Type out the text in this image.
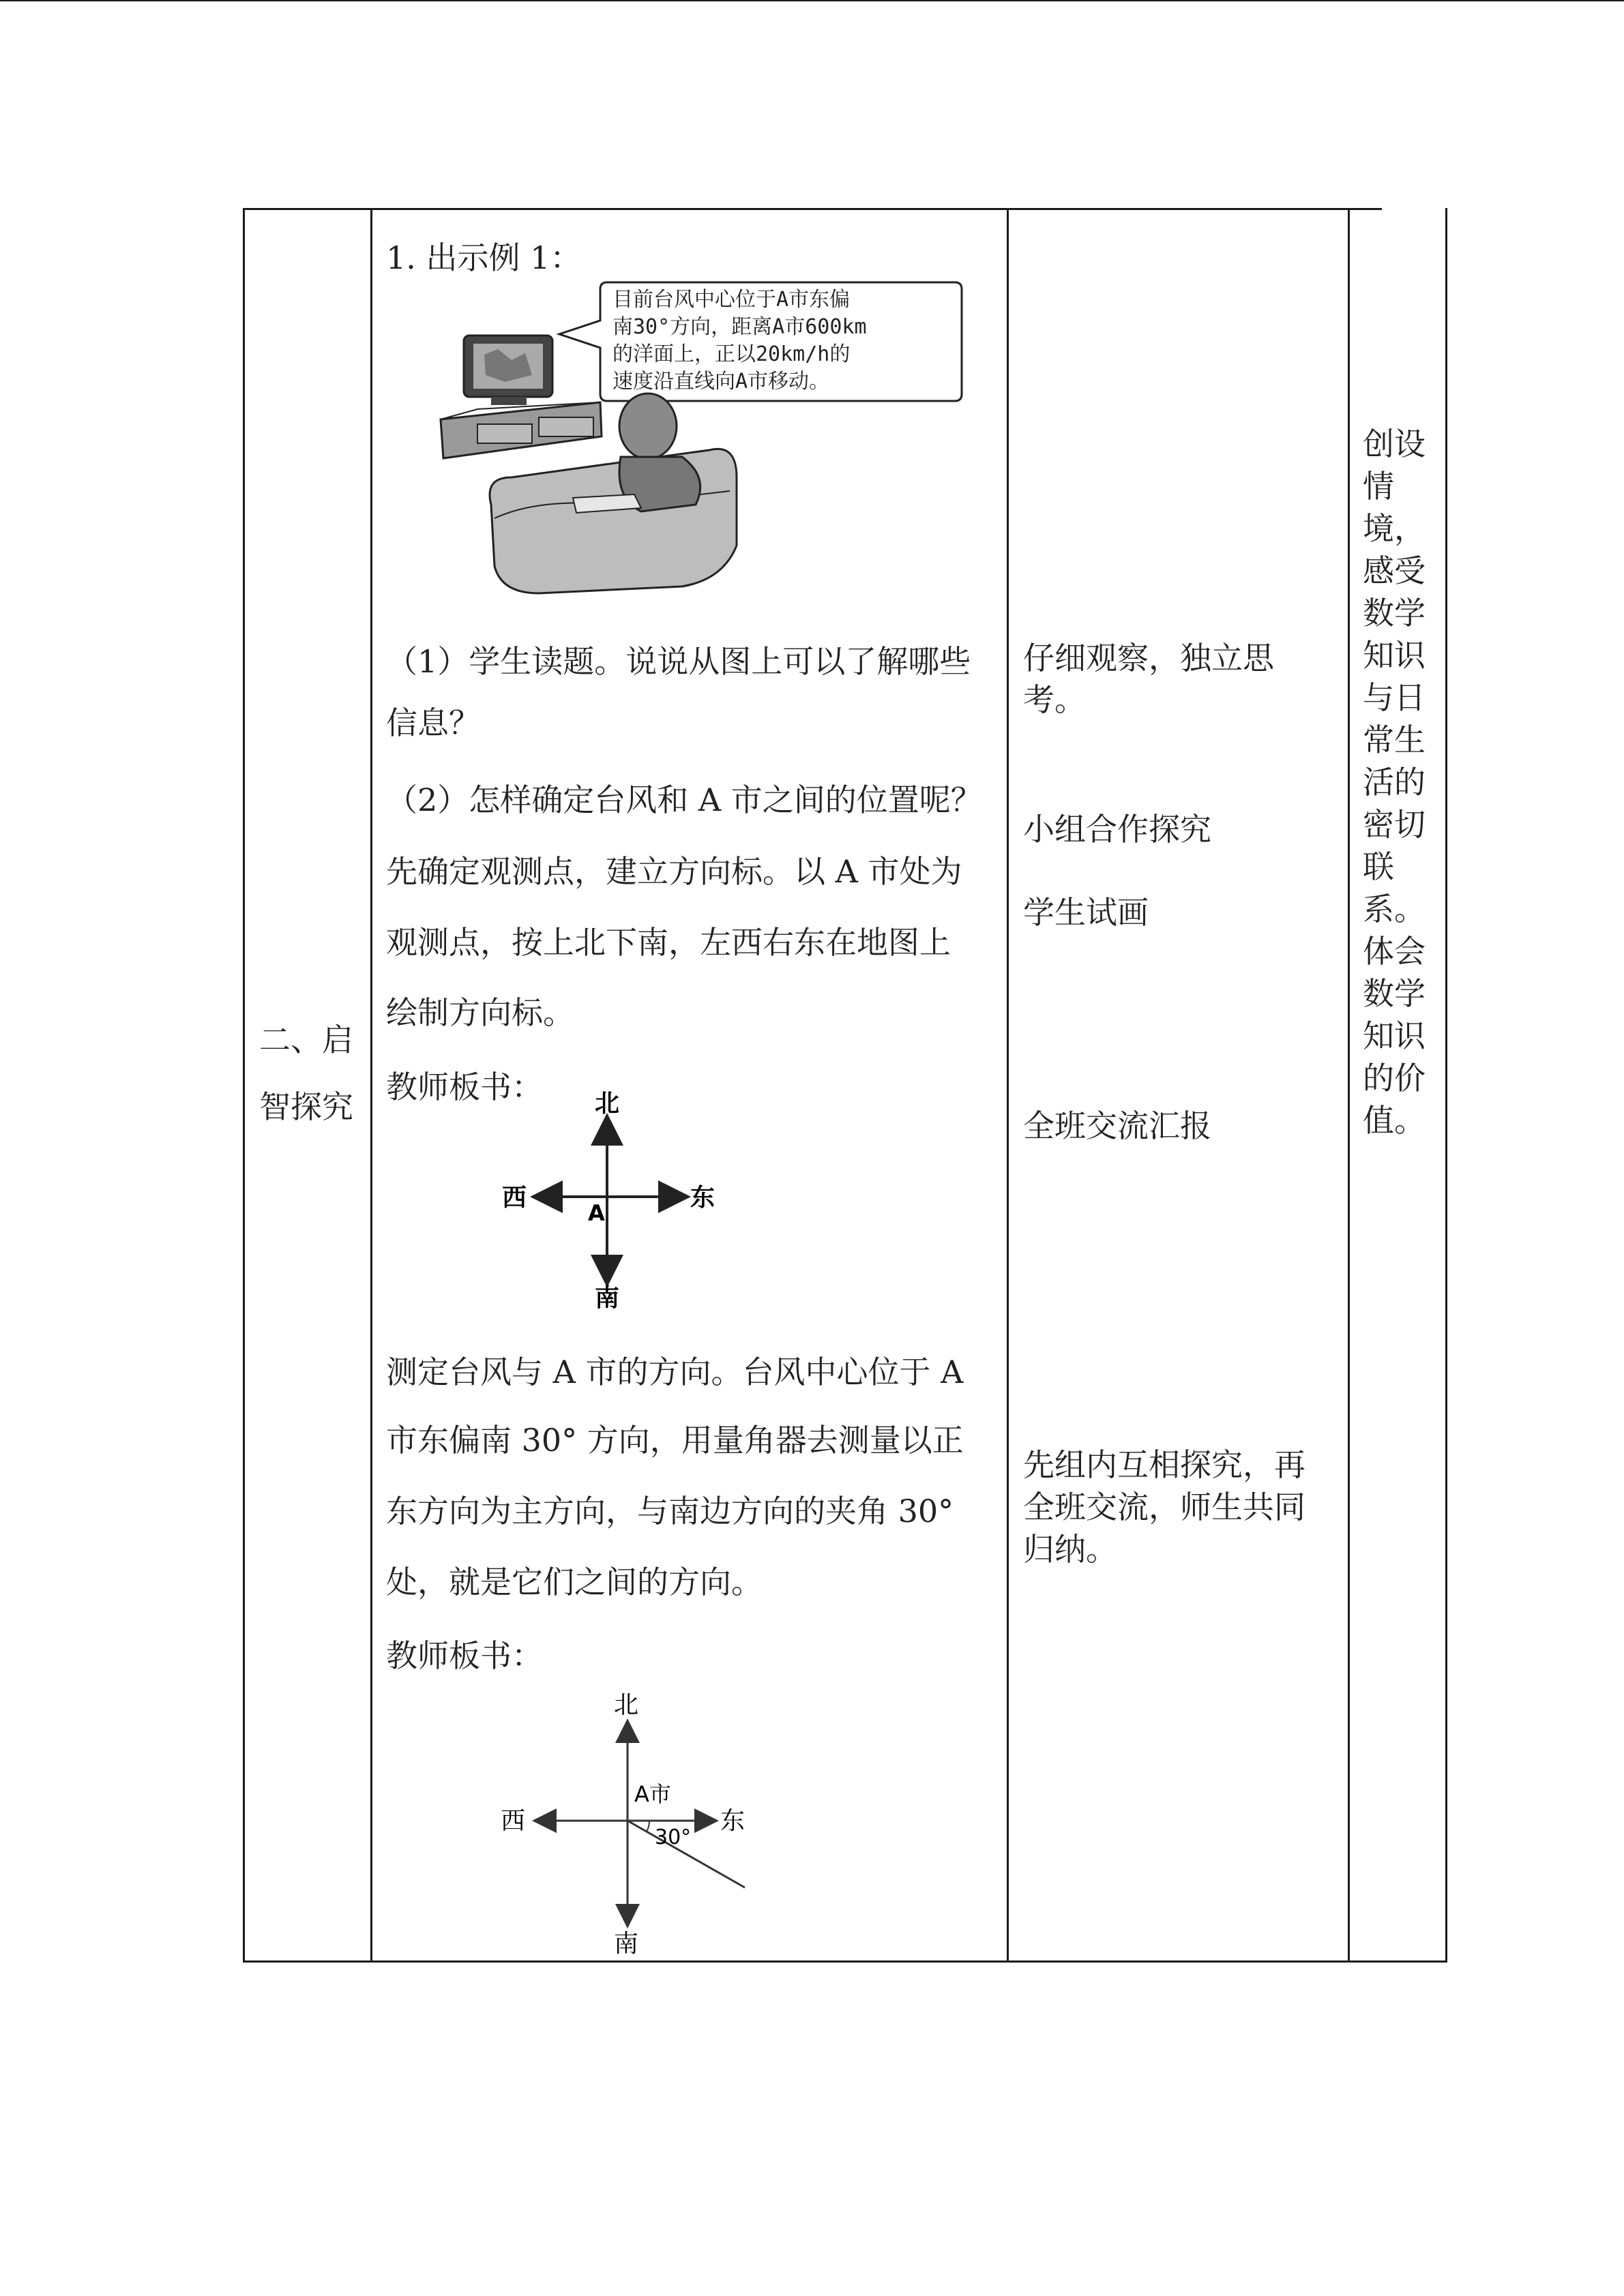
二、启
智探究
1. 出示例 1：
目前台风中心位于A市东偏
南30°方向，距离A市600km
的洋面上，正以20km/h的
速度沿直线向A市移动。
（1）学生读题。说说从图上可以了解哪些
信息？
（2）怎样确定台风和 A 市之间的位置呢？
先确定观测点，建立方向标。以 A 市处为
观测点，按上北下南，左西右东在地图上
绘制方向标。
教师板书： 北
南
西	东
A
测定台风与 A 市的方向。台风中心位于 A
市东偏南 30° 方向，用量角器去测量以正
东方向为主方向，与南边方向的夹角 30°
处，就是它们之间的方向。
教师板书：
北
南
西	东
A市
30°
仔细观察，独立思
考。
小组合作探究
学生试画
全班交流汇报
先组内互相探究，再
全班交流，师生共同
归纳。
创设
情
境，
感受
数学
知识
与日
常生
活的
密切
联
系。
体会
数学
知识
的价
值。
